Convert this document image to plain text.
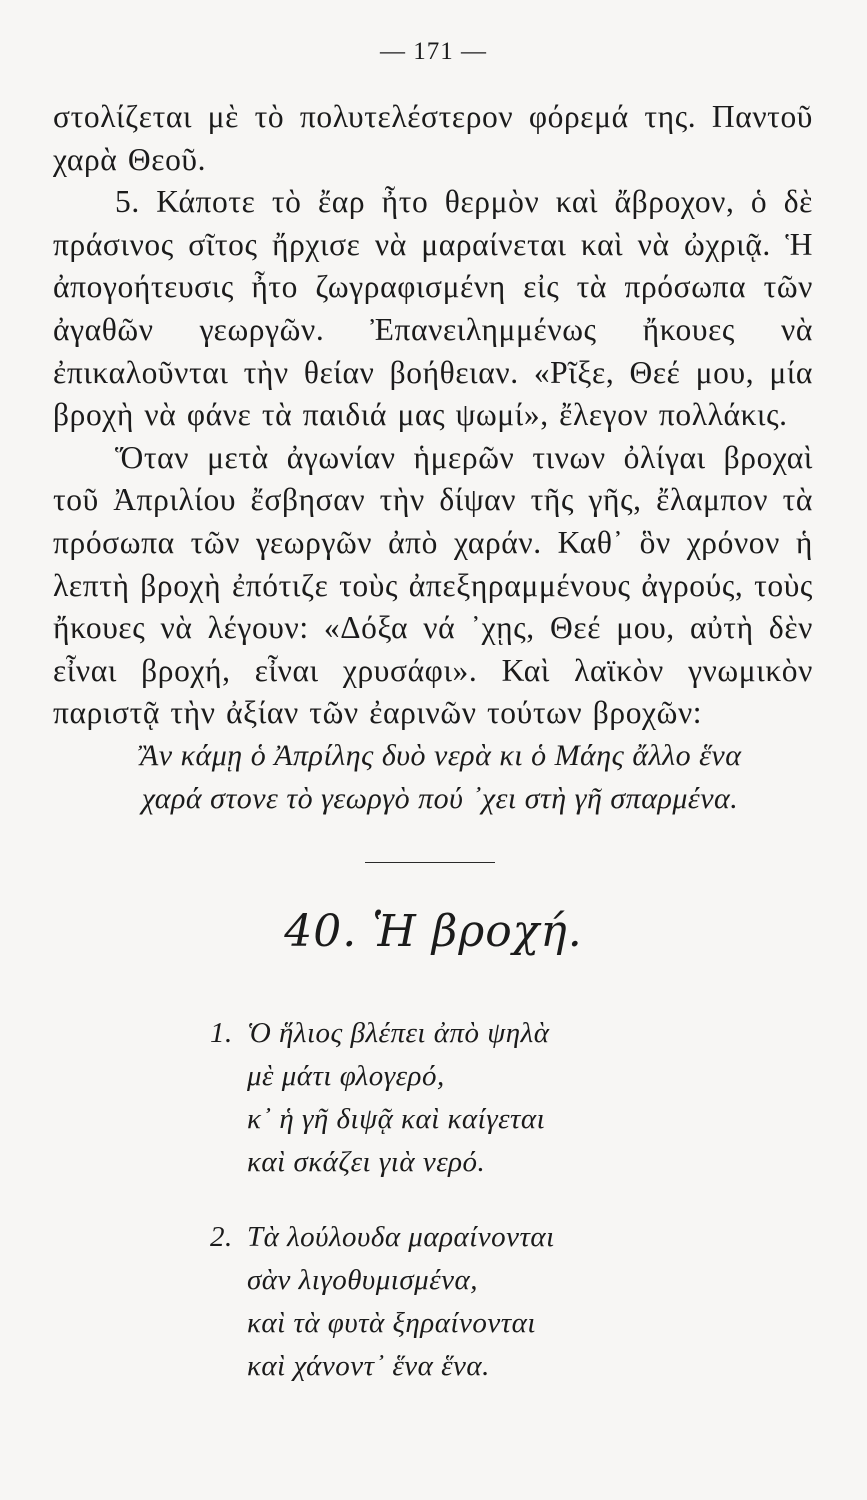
— 171 —

στολίζεται μὲ τὸ πολυτελέστερον φόρεμά της. Παντοῦ χαρὰ Θεοῦ.

5. Κάποτε τὸ ἔαρ ἦτο θερμὸν καὶ ἄβροχον, ὁ δὲ πράσινος σῖτος ἤρχισε νὰ μαραίνεται καὶ νὰ ὠχριᾷ. Ἡ ἀπογοήτευσις ἦτο ζωγραφισμένη εἰς τὰ πρόσωπα τῶν ἀγαθῶν γεωργῶν. Ἐπανειλημμένως ἤκουες νὰ ἐπικαλοῦνται τὴν θείαν βοήθειαν. «Ρῖξε, Θεέ μου, μία βροχὴ νὰ φάνε τὰ παιδιά μας ψωμί», ἔλεγον πολλάκις.

Ὅταν μετὰ ἀγωνίαν ἡμερῶν τινων ὀλίγαι βροχαὶ τοῦ Ἀπριλίου ἔσβησαν τὴν δίψαν τῆς γῆς, ἔλαμπον τὰ πρόσωπα τῶν γεωργῶν ἀπὸ χαράν. Καθ᾽ ὃν χρόνον ἡ λεπτὴ βροχὴ ἐπότιζε τοὺς ἀπεξηραμμένους ἀγρούς, τοὺς ἤκουες νὰ λέγουν: «Δόξα νά ᾽χῃς, Θεέ μου, αὐτὴ δὲν εἶναι βροχή, εἶναι χρυσάφι». Καὶ λαϊκὸν γνωμικὸν παριστᾷ τὴν ἀξίαν τῶν ἐαρινῶν τούτων βροχῶν:

Ἂν κάμῃ ὁ Ἀπρίλης δυὸ νερὰ κι ὁ Μάης ἄλλο ἕνα
χαρά στονε τὸ γεωργὸ πού ᾽χει στὴ γῆ σπαρμένα.
40. Ἡ βροχή.
1. Ὁ ἥλιος βλέπει ἀπὸ ψηλὰ
μὲ μάτι φλογερό,
κ᾽ ἡ γῆ διψᾷ καὶ καίγεται
καὶ σκάζει γιὰ νερό.
2. Τὰ λούλουδα μαραίνονται
σὰν λιγοθυμισμένα,
καὶ τὰ φυτὰ ξηραίνονται
καὶ χάνοντ᾽ ἕνα ἕνα.
